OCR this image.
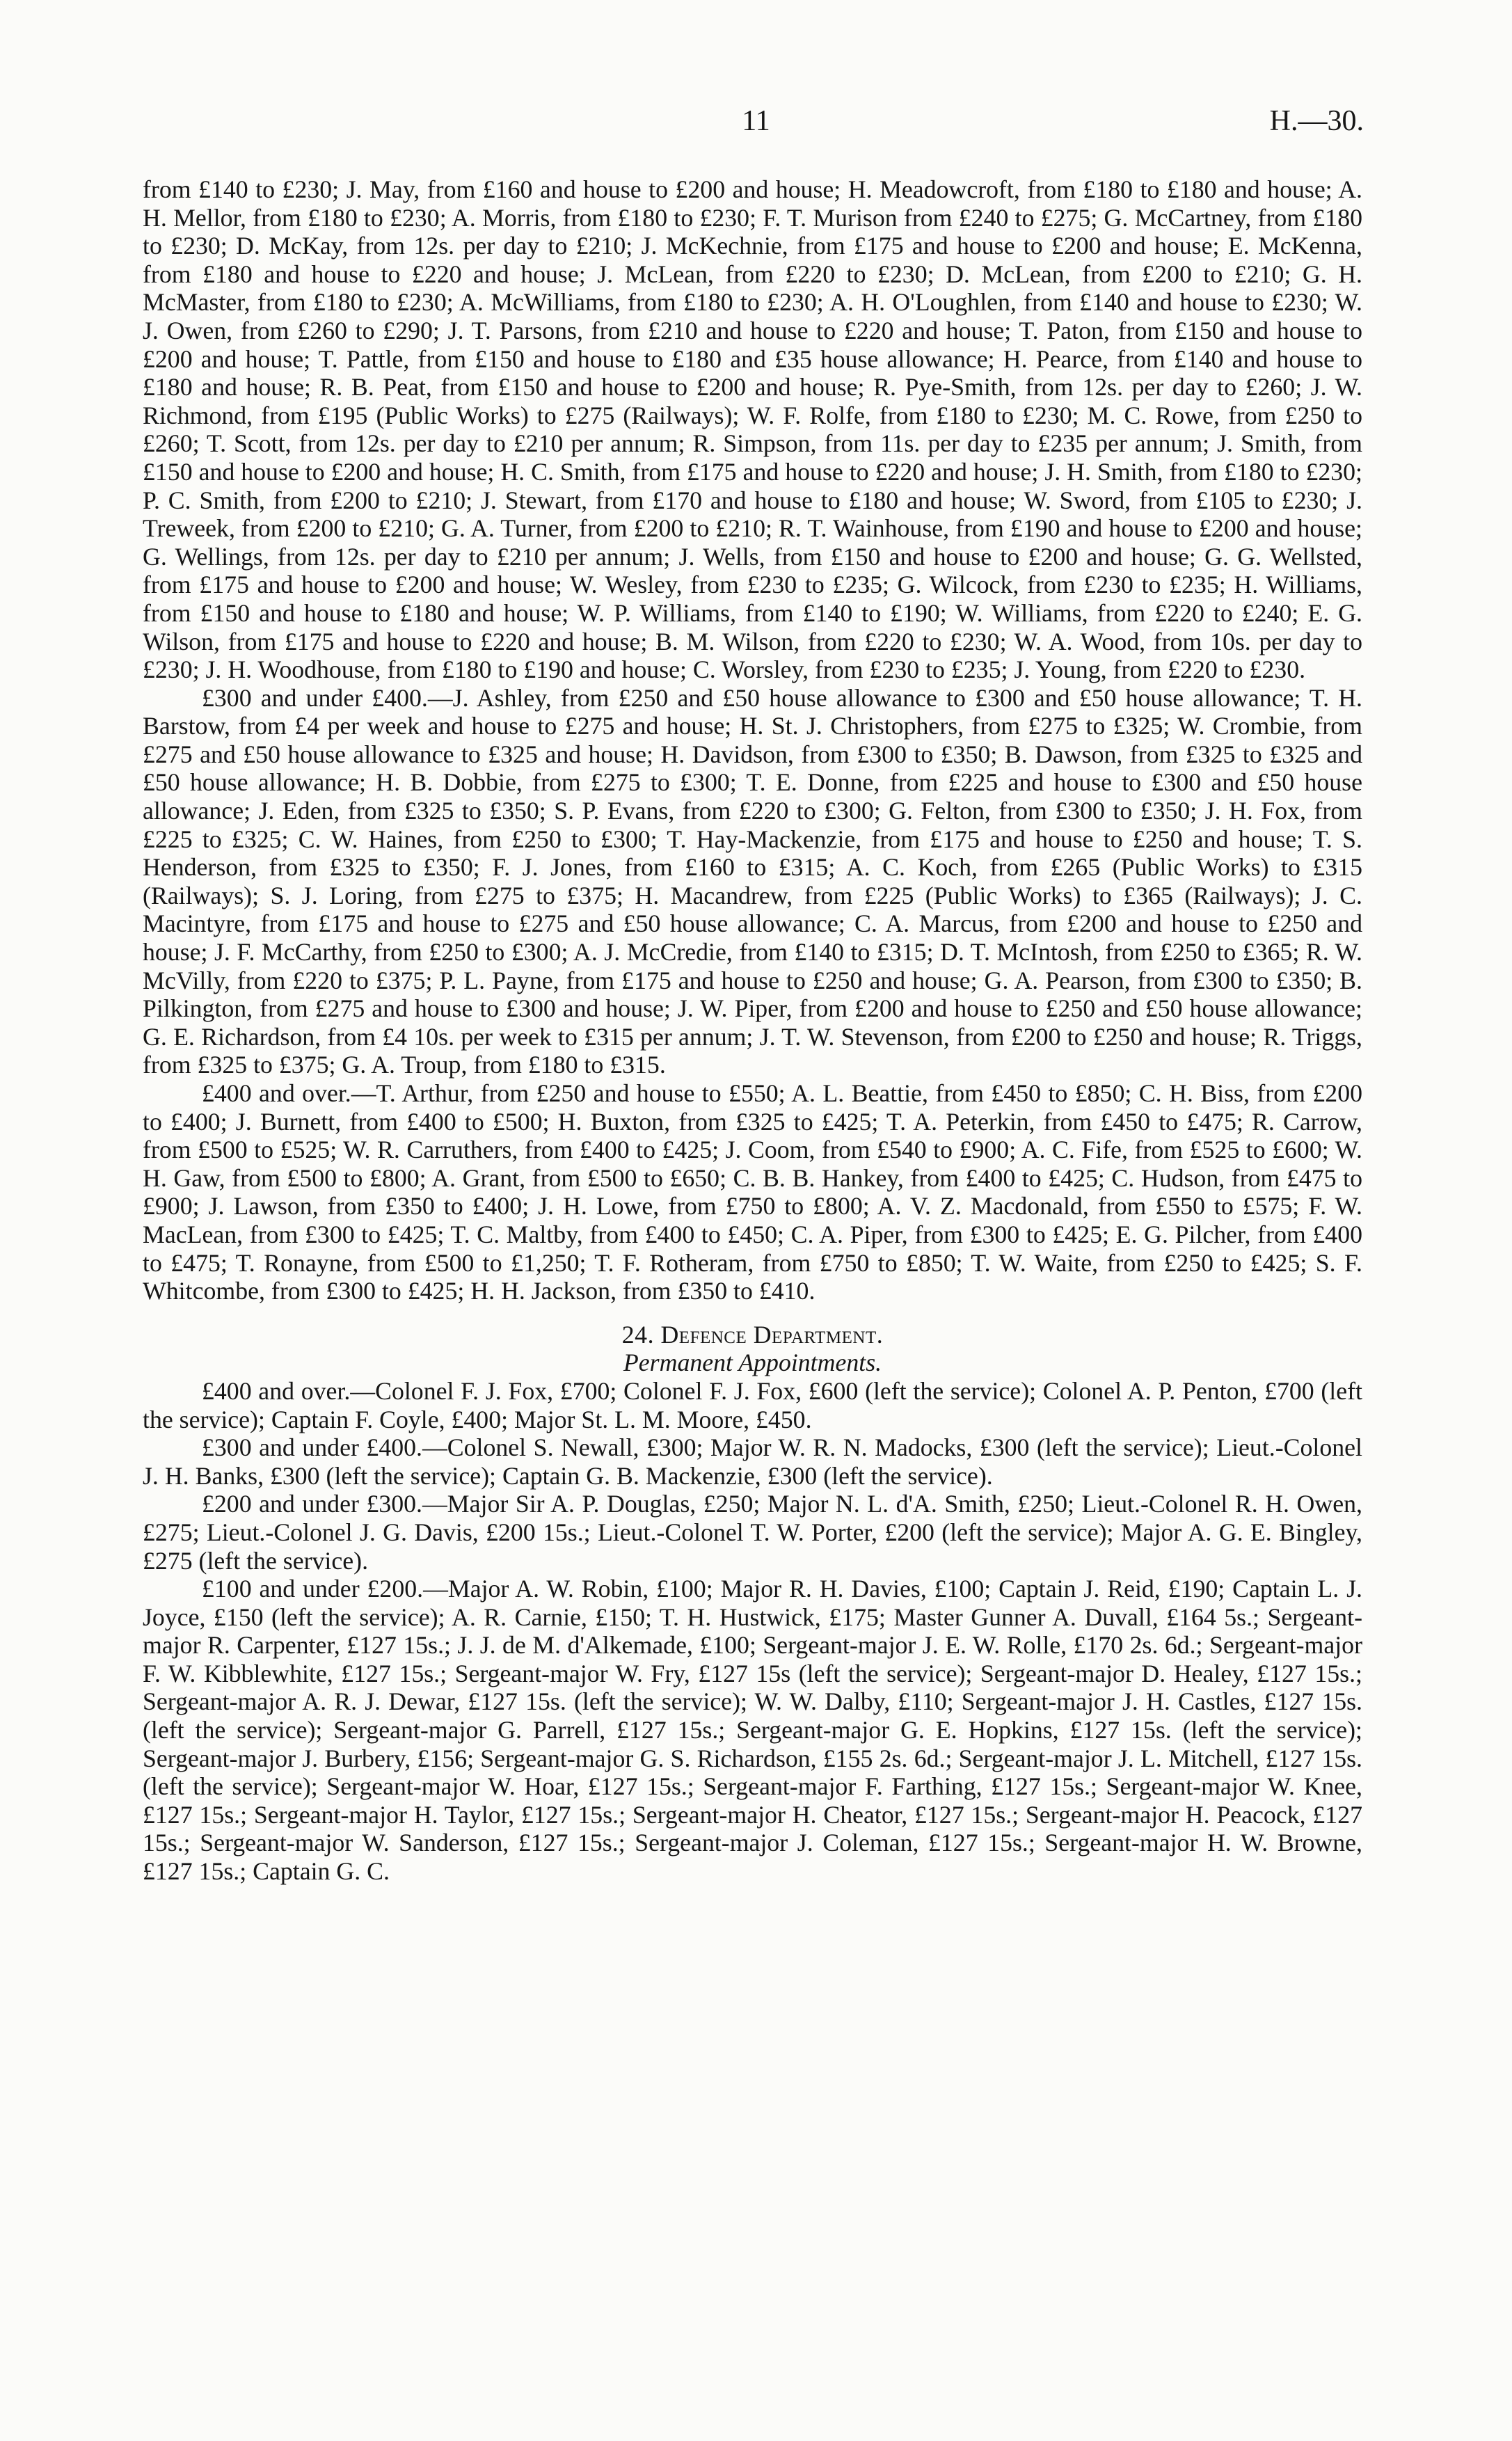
11	H.—30.

from £140 to £230; J. May, from £160 and house to £200 and house; H. Meadowcroft, from £180 to £180 and house; A. H. Mellor, from £180 to £230; A. Morris, from £180 to £230; F. T. Murison from £240 to £275; G. McCartney, from £180 to £230; D. McKay, from 12s. per day to £210; J. McKechnie, from £175 and house to £200 and house; E. McKenna, from £180 and house to £220 and house; J. McLean, from £220 to £230; D. McLean, from £200 to £210; G. H. McMaster, from £180 to £230; A. McWilliams, from £180 to £230; A. H. O'Loughlen, from £140 and house to £230; W. J. Owen, from £260 to £290; J. T. Parsons, from £210 and house to £220 and house; T. Paton, from £150 and house to £200 and house; T. Pattle, from £150 and house to £180 and £35 house allowance; H. Pearce, from £140 and house to £180 and house; R. B. Peat, from £150 and house to £200 and house; R. Pye-Smith, from 12s. per day to £260; J. W. Richmond, from £195 (Public Works) to £275 (Railways); W. F. Rolfe, from £180 to £230; M. C. Rowe, from £250 to £260; T. Scott, from 12s. per day to £210 per annum; R. Simpson, from 11s. per day to £235 per annum; J. Smith, from £150 and house to £200 and house; H. C. Smith, from £175 and house to £220 and house; J. H. Smith, from £180 to £230; P. C. Smith, from £200 to £210; J. Stewart, from £170 and house to £180 and house; W. Sword, from £105 to £230; J. Treweek, from £200 to £210; G. A. Turner, from £200 to £210; R. T. Wainhouse, from £190 and house to £200 and house; G. Wellings, from 12s. per day to £210 per annum; J. Wells, from £150 and house to £200 and house; G. G. Wellsted, from £175 and house to £200 and house; W. Wesley, from £230 to £235; G. Wilcock, from £230 to £235; H. Williams, from £150 and house to £180 and house; W. P. Williams, from £140 to £190; W. Williams, from £220 to £240; E. G. Wilson, from £175 and house to £220 and house; B. M. Wilson, from £220 to £230; W. A. Wood, from 10s. per day to £230; J. H. Woodhouse, from £180 to £190 and house; C. Worsley, from £230 to £235; J. Young, from £220 to £230.

£300 and under £400.—J. Ashley, from £250 and £50 house allowance to £300 and £50 house allowance; T. H. Barstow, from £4 per week and house to £275 and house; H. St. J. Christophers, from £275 to £325; W. Crombie, from £275 and £50 house allowance to £325 and house; H. Davidson, from £300 to £350; B. Dawson, from £325 to £325 and £50 house allowance; H. B. Dobbie, from £275 to £300; T. E. Donne, from £225 and house to £300 and £50 house allowance; J. Eden, from £325 to £350; S. P. Evans, from £220 to £300; G. Felton, from £300 to £350; J. H. Fox, from £225 to £325; C. W. Haines, from £250 to £300; T. Hay-Mackenzie, from £175 and house to £250 and house; T. S. Henderson, from £325 to £350; F. J. Jones, from £160 to £315; A. C. Koch, from £265 (Public Works) to £315 (Railways); S. J. Loring, from £275 to £375; H. Macandrew, from £225 (Public Works) to £365 (Railways); J. C. Macintyre, from £175 and house to £275 and £50 house allowance; C. A. Marcus, from £200 and house to £250 and house; J. F. McCarthy, from £250 to £300; A. J. McCredie, from £140 to £315; D. T. McIntosh, from £250 to £365; R. W. McVilly, from £220 to £375; P. L. Payne, from £175 and house to £250 and house; G. A. Pearson, from £300 to £350; B. Pilkington, from £275 and house to £300 and house; J. W. Piper, from £200 and house to £250 and £50 house allowance; G. E. Richardson, from £4 10s. per week to £315 per annum; J. T. W. Stevenson, from £200 to £250 and house; R. Triggs, from £325 to £375; G. A. Troup, from £180 to £315.

£400 and over.—T. Arthur, from £250 and house to £550; A. L. Beattie, from £450 to £850; C. H. Biss, from £200 to £400; J. Burnett, from £400 to £500; H. Buxton, from £325 to £425; T. A. Peterkin, from £450 to £475; R. Carrow, from £500 to £525; W. R. Carruthers, from £400 to £425; J. Coom, from £540 to £900; A. C. Fife, from £525 to £600; W. H. Gaw, from £500 to £800; A. Grant, from £500 to £650; C. B. B. Hankey, from £400 to £425; C. Hudson, from £475 to £900; J. Lawson, from £350 to £400; J. H. Lowe, from £750 to £800; A. V. Z. Macdonald, from £550 to £575; F. W. MacLean, from £300 to £425; T. C. Maltby, from £400 to £450; C. A. Piper, from £300 to £425; E. G. Pilcher, from £400 to £475; T. Ronayne, from £500 to £1,250; T. F. Rotheram, from £750 to £850; T. W. Waite, from £250 to £425; S. F. Whitcombe, from £300 to £425; H. H. Jackson, from £350 to £410.

24. Defence Department.

Permanent Appointments.

£400 and over.—Colonel F. J. Fox, £700; Colonel F. J. Fox, £600 (left the service); Colonel A. P. Penton, £700 (left the service); Captain F. Coyle, £400; Major St. L. M. Moore, £450.

£300 and under £400.—Colonel S. Newall, £300; Major W. R. N. Madocks, £300 (left the service); Lieut.-Colonel J. H. Banks, £300 (left the service); Captain G. B. Mackenzie, £300 (left the service).

£200 and under £300.—Major Sir A. P. Douglas, £250; Major N. L. d'A. Smith, £250; Lieut.-Colonel R. H. Owen, £275; Lieut.-Colonel J. G. Davis, £200 15s.; Lieut.-Colonel T. W. Porter, £200 (left the service); Major A. G. E. Bingley, £275 (left the service).

£100 and under £200.—Major A. W. Robin, £100; Major R. H. Davies, £100; Captain J. Reid, £190; Captain L. J. Joyce, £150 (left the service); A. R. Carnie, £150; T. H. Hustwick, £175; Master Gunner A. Duvall, £164 5s.; Sergeant-major R. Carpenter, £127 15s.; J. J. de M. d'Alkemade, £100; Sergeant-major J. E. W. Rolle, £170 2s. 6d.; Sergeant-major F. W. Kibblewhite, £127 15s.; Sergeant-major W. Fry, £127 15s (left the service); Sergeant-major D. Healey, £127 15s.; Sergeant-major A. R. J. Dewar, £127 15s. (left the service); W. W. Dalby, £110; Sergeant-major J. H. Castles, £127 15s. (left the service); Sergeant-major G. Parrell, £127 15s.; Sergeant-major G. E. Hopkins, £127 15s. (left the service); Sergeant-major J. Burbery, £156; Sergeant-major G. S. Richardson, £155 2s. 6d.; Sergeant-major J. L. Mitchell, £127 15s. (left the service); Sergeant-major W. Hoar, £127 15s.; Sergeant-major F. Farthing, £127 15s.; Sergeant-major W. Knee, £127 15s.; Sergeant-major H. Taylor, £127 15s.; Sergeant-major H. Cheator, £127 15s.; Sergeant-major H. Peacock, £127 15s.; Sergeant-major W. Sanderson, £127 15s.; Sergeant-major J. Coleman, £127 15s.; Sergeant-major H. W. Browne, £127 15s.; Captain G. C.
